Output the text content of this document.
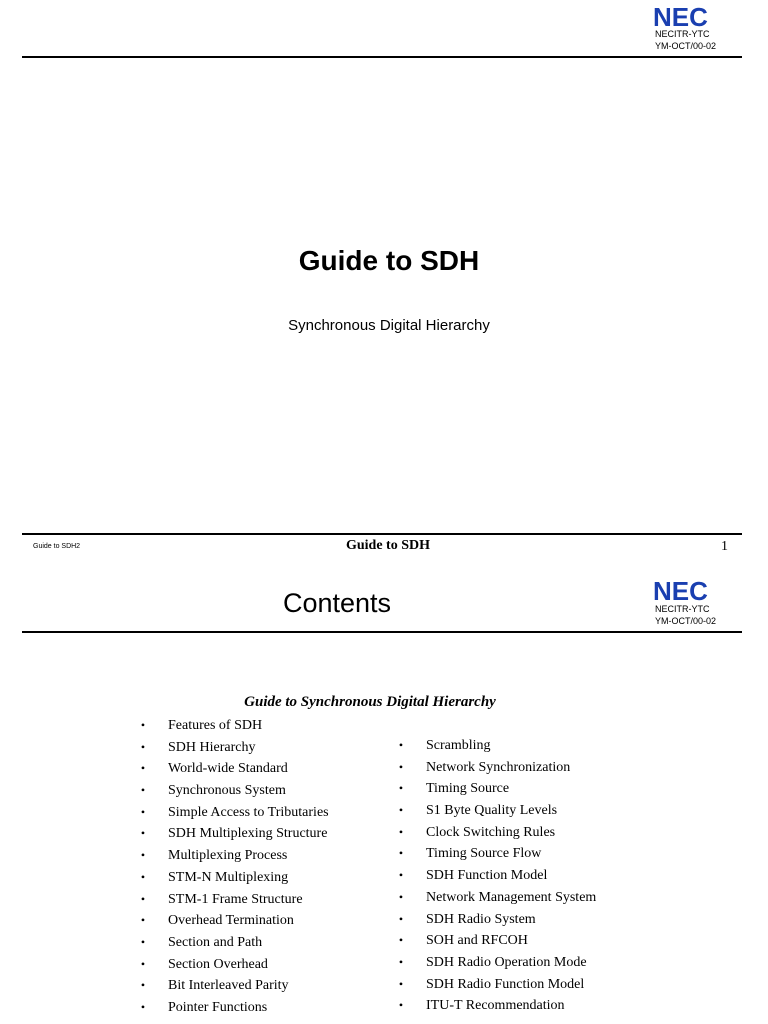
NEC
NECITR-YTC
YM-OCT/00-02
Guide to SDH
Synchronous Digital Hierarchy
Guide to SDH2	Guide to SDH	1
Contents	NEC
NECITR-YTC
YM-OCT/00-02
Guide to Synchronous Digital Hierarchy
• Features of SDH
• SDH Hierarchy
• World-wide Standard
• Synchronous System
• Simple Access to Tributaries
• SDH Multiplexing Structure
• Multiplexing Process
• STM-N Multiplexing
• STM-1 Frame Structure
• Overhead Termination
• Section and Path
• Section Overhead
• Bit Interleaved Parity
• Pointer Functions
• Scrambling
• Network Synchronization
• Timing Source
• S1 Byte Quality Levels
• Clock Switching Rules
• Timing Source Flow
• SDH Function Model
• Network Management System
• SDH Radio System
• SOH and RFCOH
• SDH Radio Operation Mode
• SDH Radio Function Model
• ITU-T Recommendation
